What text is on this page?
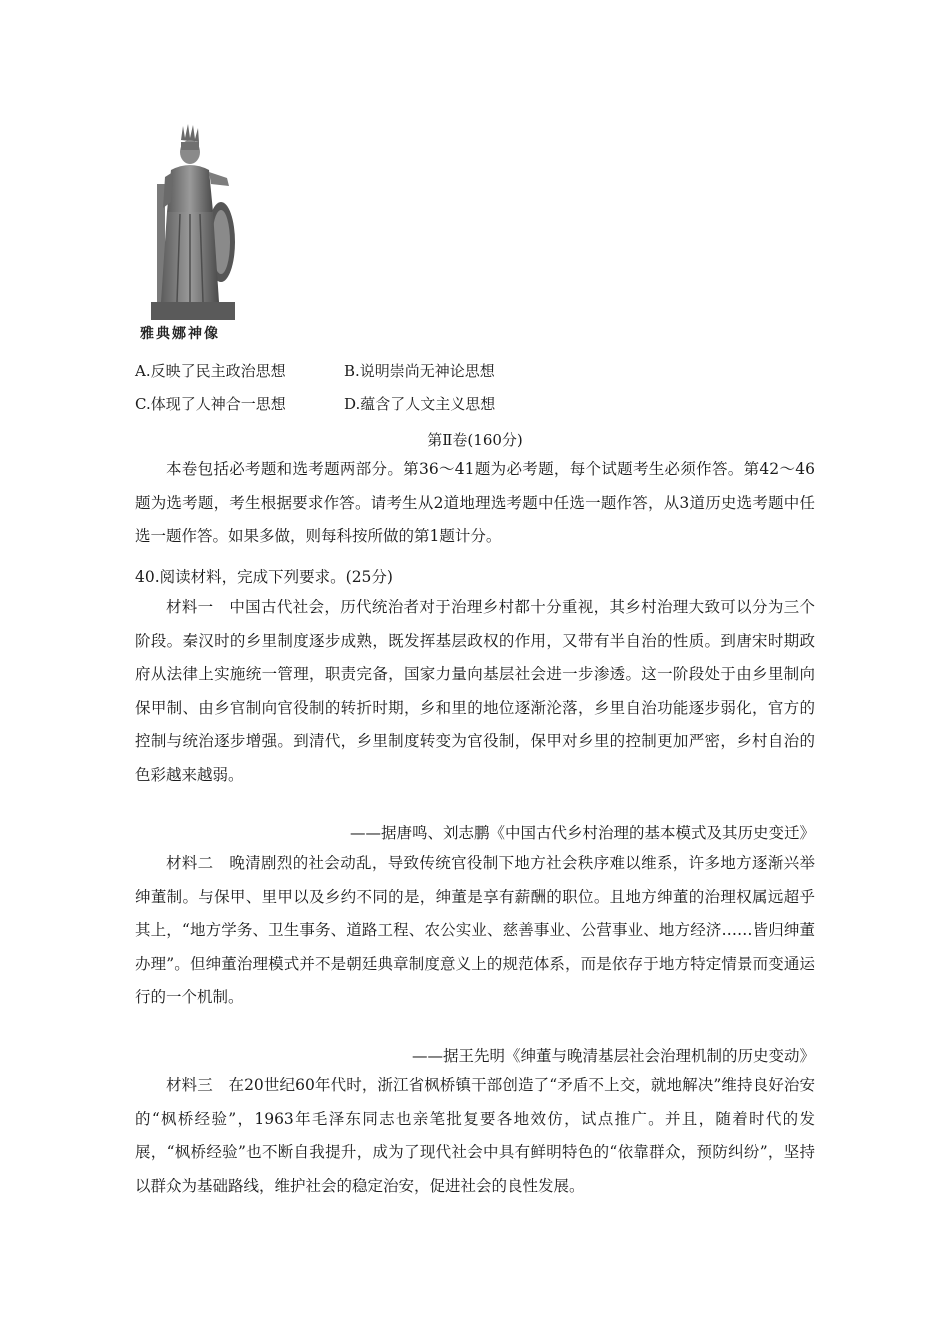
雅典娜神像
A.反映了民主政治思想	B.说明崇尚无神论思想
C.体现了人神合一思想	D.蕴含了人文主义思想
第Ⅱ卷(160分)

本卷包括必考题和选考题两部分。第36～41题为必考题，每个试题考生必须作答。第42～46题为选考题，考生根据要求作答。请考生从2道地理选考题中任选一题作答，从3道历史选考题中任选一题作答。如果多做，则每科按所做的第1题计分。

40.阅读材料，完成下列要求。(25分)

材料一　中国古代社会，历代统治者对于治理乡村都十分重视，其乡村治理大致可以分为三个阶段。秦汉时的乡里制度逐步成熟，既发挥基层政权的作用，又带有半自治的性质。到唐宋时期政府从法律上实施统一管理，职责完备，国家力量向基层社会进一步渗透。这一阶段处于由乡里制向保甲制、由乡官制向官役制的转折时期，乡和里的地位逐渐沦落，乡里自治功能逐步弱化，官方的控制与统治逐步增强。到清代，乡里制度转变为官役制，保甲对乡里的控制更加严密，乡村自治的色彩越来越弱。

——据唐鸣、刘志鹏《中国古代乡村治理的基本模式及其历史变迁》

材料二　晚清剧烈的社会动乱，导致传统官役制下地方社会秩序难以维系，许多地方逐渐兴举绅董制。与保甲、里甲以及乡约不同的是，绅董是享有薪酬的职位。且地方绅董的治理权属远超乎其上，“地方学务、卫生事务、道路工程、农公实业、慈善事业、公营事业、地方经济……皆归绅董办理”。但绅董治理模式并不是朝廷典章制度意义上的规范体系，而是依存于地方特定情景而变通运行的一个机制。

——据王先明《绅董与晚清基层社会治理机制的历史变动》

材料三　在20世纪60年代时，浙江省枫桥镇干部创造了“矛盾不上交，就地解决”维持良好治安的“枫桥经验”，1963年毛泽东同志也亲笔批复要各地效仿，试点推广。并且，随着时代的发展，“枫桥经验”也不断自我提升，成为了现代社会中具有鲜明特色的“依靠群众，预防纠纷”，坚持以群众为基础路线，维护社会的稳定治安，促进社会的良性发展。
